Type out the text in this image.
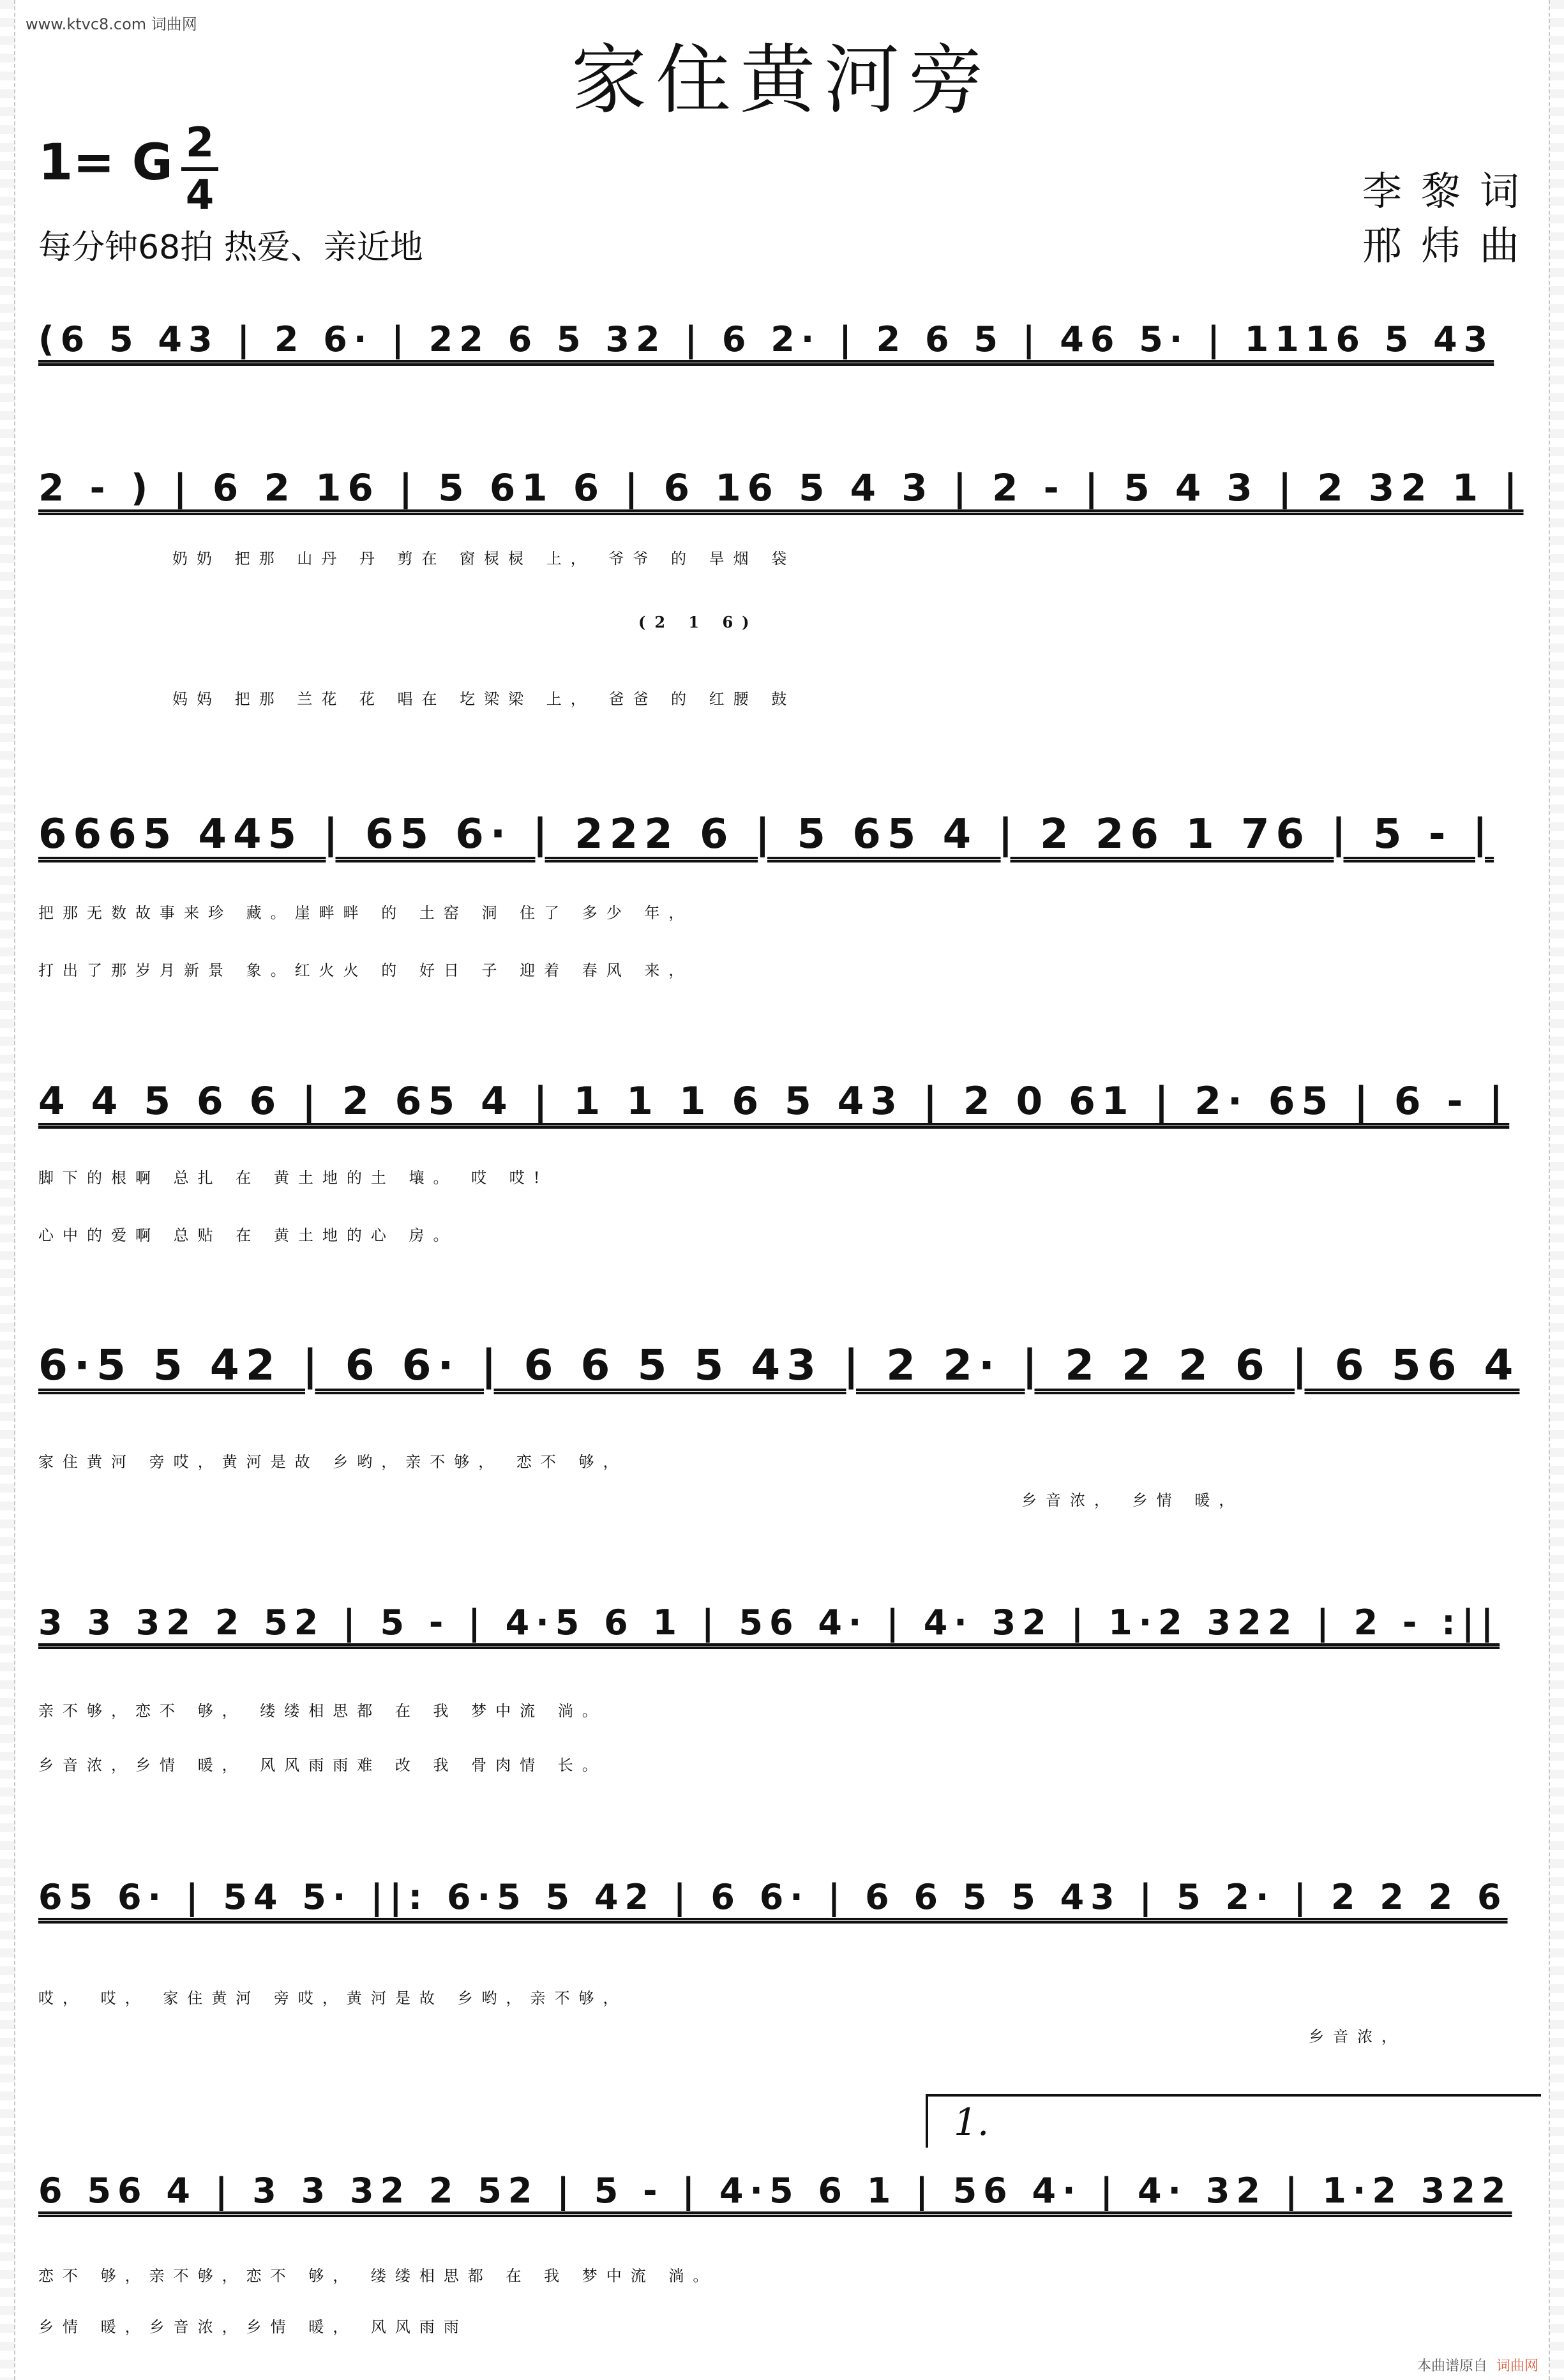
www.ktvc8.com 词曲网
本曲谱原自 词曲网
家住黄河旁
1= G 2
4
每分钟68拍 热爱、亲近地
李黎词
邢炜曲
(6 5 43 | 2 6· | 22 6 5 32 | 6 2· | 2 6 5 | 46 5· | 1116 5 43
2 - ) | 6 2 16 | 5 61 6 | 6 16 5 4 3 | 2 - | 5 4 3 | 2 32 1 |
奶奶 把那 山丹 丹 剪在 窗棂棂 上， 爷爷 的 旱烟 袋
(2 1 6)
妈妈 把那 兰花 花 唱在 圪梁梁 上， 爸爸 的 红腰 鼓
6665 445 | 65 6· | 222 6 | 5 65 4 | 2 26 1 76 | 5 - |
把那无数故事来珍 藏。崖畔畔 的 土窑 洞 住了 多少 年，
打出了那岁月新景 象。红火火 的 好日 子 迎着 春风 来，
4 4 5 6 6 | 2 65 4 | 1 1 1 6 5 43 | 2 0 61 | 2· 65 | 6 - |
脚下的根啊 总扎 在 黄土地的土 壤。 哎 哎!
心中的爱啊 总贴 在 黄土地的心 房。
6·5 5 42 | 6 6· | 6 6 5 5 43 | 2 2· | 2 2 2 6 | 6 56 4
家住黄河 旁哎，黄河是故 乡哟，亲不够， 恋不 够，
乡音浓， 乡情 暖，
3 3 32 2 52 | 5 - | 4·5 6 1 | 56 4· | 4· 32 | 1·2 322 | 2 - :||
亲不够，恋不 够， 缕缕相思都 在 我 梦中流 淌。
乡音浓，乡情 暖， 风风雨雨难 改 我 骨肉情 长。
65 6· | 54 5· ||: 6·5 5 42 | 6 6· | 6 6 5 5 43 | 5 2· | 2 2 2 6
哎， 哎， 家住黄河 旁哎，黄河是故 乡哟，亲不够，
乡音浓，
1.
6 56 4 | 3 3 32 2 52 | 5 - | 4·5 6 1 | 56 4· | 4· 32 | 1·2 322
恋不 够，亲不够，恋不 够， 缕缕相思都 在 我 梦中流 淌。
乡情 暖，乡音浓，乡情 暖， 风风雨雨
